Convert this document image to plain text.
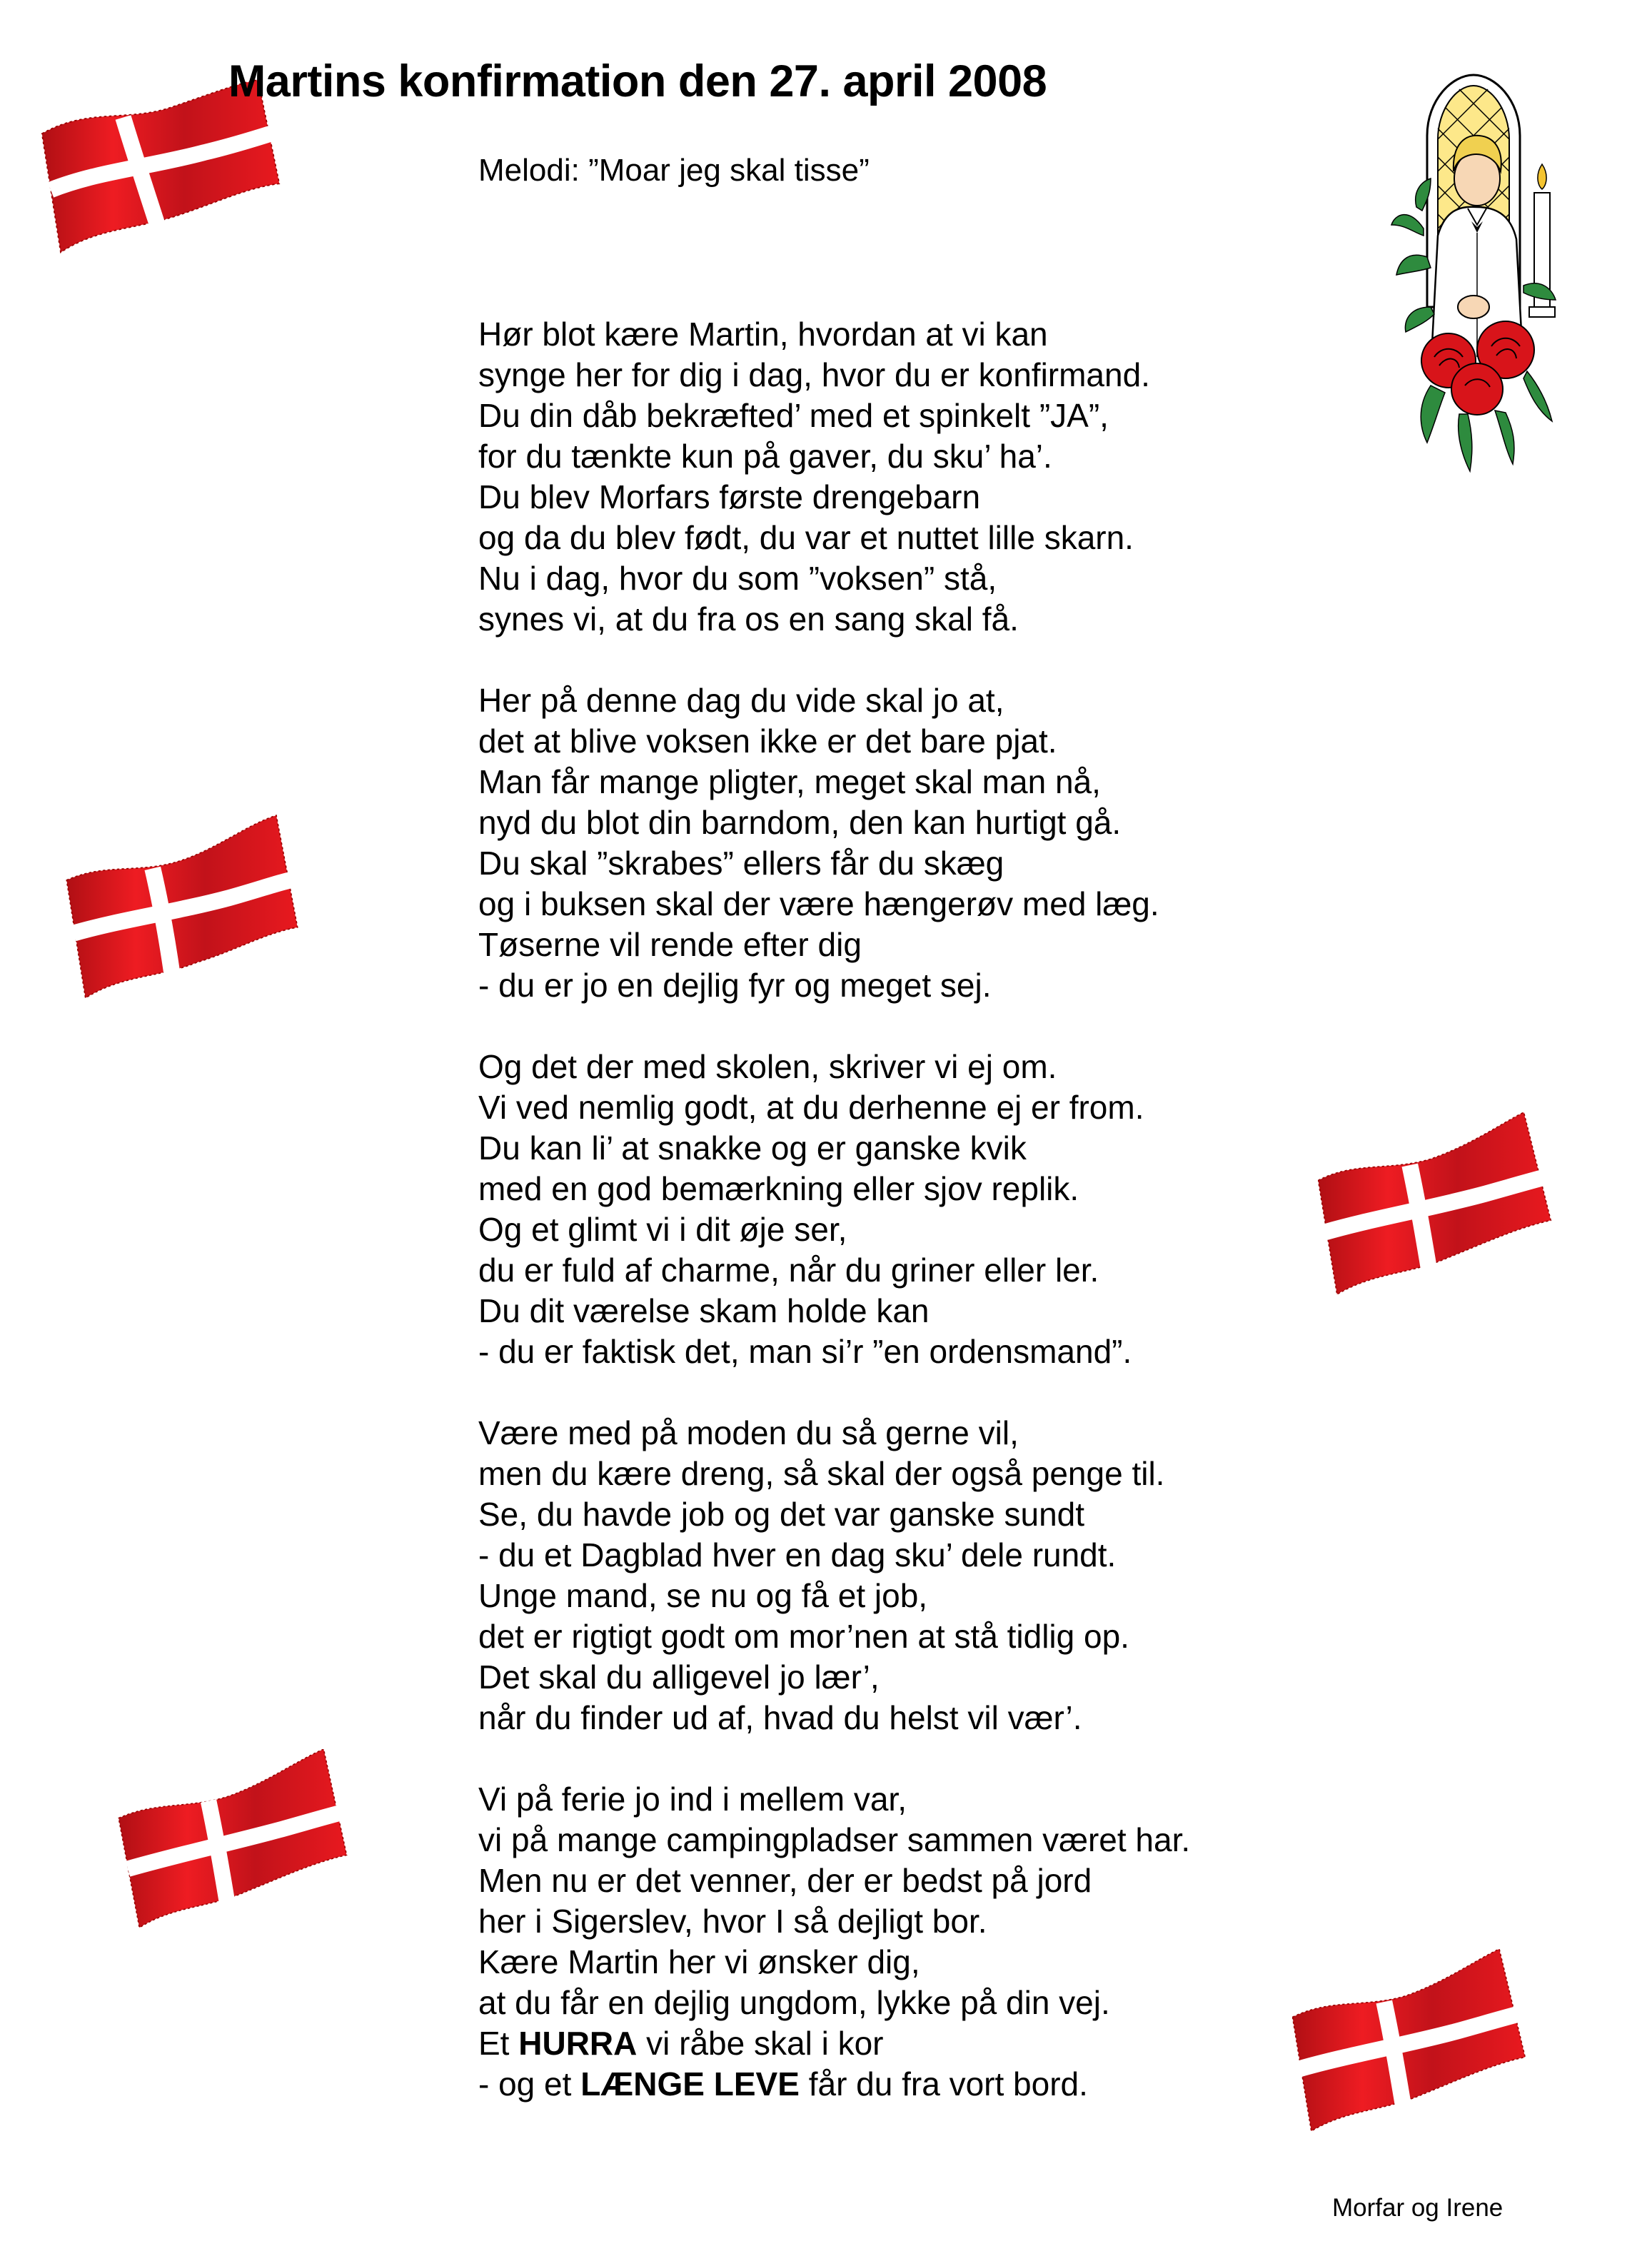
Martins konfirmation den 27. april 2008
Melodi: ”Moar jeg skal tisse”
Hør blot kære Martin, hvordan at vi kan
synge her for dig i dag, hvor du er konfirmand.
Du din dåb bekræfted’ med et spinkelt ”JA”,
for du tænkte kun på gaver, du sku’ ha’.
Du blev Morfars første drengebarn
og da du blev født, du var et nuttet lille skarn.
Nu i dag, hvor du som ”voksen” stå,
synes vi, at du fra os en sang skal få.
Her på denne dag du vide skal jo at,
det at blive voksen ikke er det bare pjat.
Man får mange pligter, meget skal man nå,
nyd du blot din barndom, den kan hurtigt gå.
Du skal ”skrabes” ellers får du skæg
og i buksen skal der være hængerøv med læg.
Tøserne vil rende efter dig
- du er jo en dejlig fyr og meget sej.
Og det der med skolen, skriver vi ej om.
Vi ved nemlig godt, at du derhenne ej er from.
Du kan li’ at snakke og er ganske kvik
med en god bemærkning eller sjov replik.
Og et glimt vi i dit øje ser,
du er fuld af charme, når du griner eller ler.
Du dit værelse skam holde kan
- du er faktisk det, man si’r ”en ordensmand”.
Være med på moden du så gerne vil,
men du kære dreng, så skal der også penge til.
Se, du havde job og det var ganske sundt
- du et Dagblad hver en dag sku’ dele rundt.
Unge mand, se nu og få et job,
det er rigtigt godt om mor’nen at stå tidlig op.
Det skal du alligevel jo lær’,
når du finder ud af, hvad du helst vil vær’.
Vi på ferie jo ind i mellem var,
vi på mange campingpladser sammen været har.
Men nu er det venner, der er bedst på jord
her i Sigerslev, hvor I så dejligt bor.
Kære Martin her vi ønsker dig,
at du får en dejlig ungdom, lykke på din vej.
Et HURRA vi råbe skal i kor
- og et LÆNGE LEVE får du fra vort bord.
Morfar og Irene
